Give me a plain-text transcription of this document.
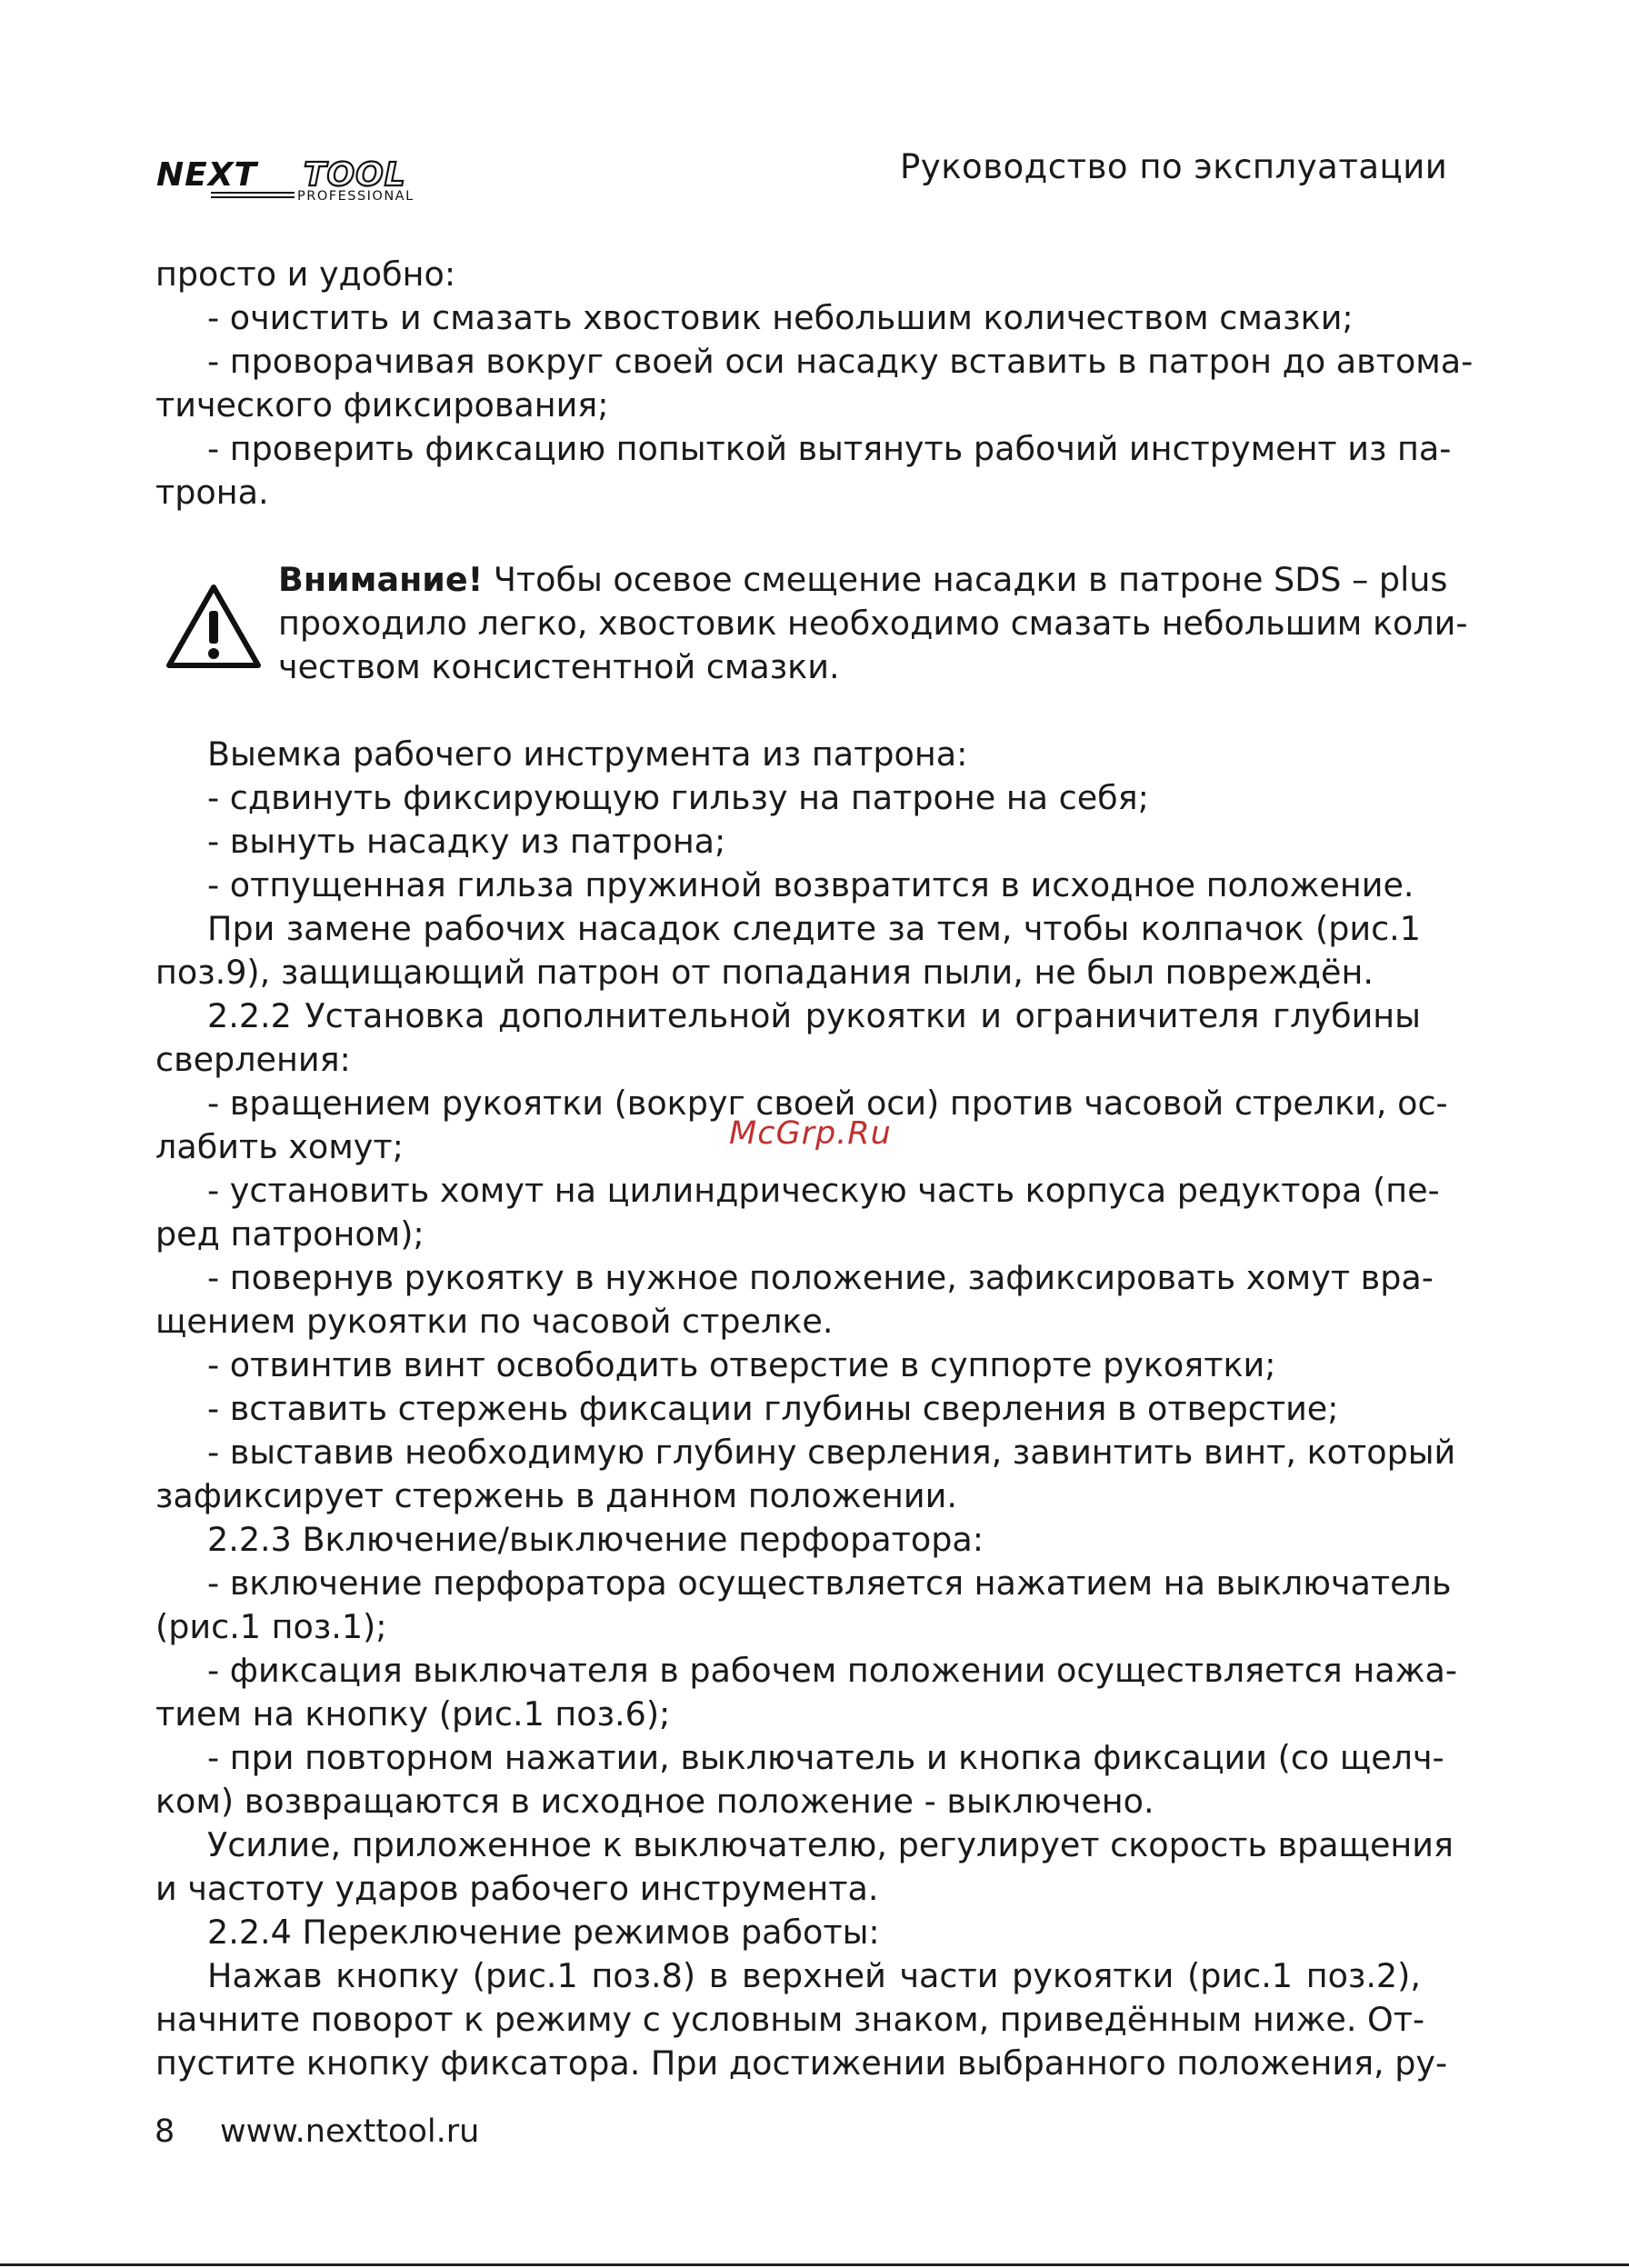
NEXT TOOL
PROFESSIONAL

Руководство по эксплуатации

просто и удобно:

- очистить и смазать хвостовик небольшим количеством смазки;

- проворачивая вокруг своей оси насадку вставить в патрон до автома-

тического фиксирования;

- проверить фиксацию попыткой вытянуть рабочий инструмент из па-

трона.

Внимание! Чтобы осевое смещение насадки в патроне SDS – plus

проходило легко, хвостовик необходимо смазать небольшим коли-

чеством консистентной смазки.

Выемка рабочего инструмента из патрона:

- сдвинуть фиксирующую гильзу на патроне на себя;

- вынуть насадку из патрона;

- отпущенная гильза пружиной возвратится в исходное положение.

При замене рабочих насадок следите за тем, чтобы колпачок (рис.1

поз.9), защищающий патрон от попадания пыли, не был повреждён.

2.2.2 Установка дополнительной рукоятки и ограничителя глубины

сверления:

- вращением рукоятки (вокруг своей оси) против часовой стрелки, ос-

лабить хомут;

- установить хомут на цилиндрическую часть корпуса редуктора (пе-

ред патроном);

- повернув рукоятку в нужное положение, зафиксировать хомут вра-

щением рукоятки по часовой стрелке.

- отвинтив винт освободить отверстие в суппорте рукоятки;

- вставить стержень фиксации глубины сверления в отверстие;

- выставив необходимую глубину сверления, завинтить винт, который

зафиксирует стержень в данном положении.

2.2.3 Включение/выключение перфоратора:

- включение перфоратора осуществляется нажатием на выключатель

(рис.1 поз.1);

- фиксация выключателя в рабочем положении осуществляется нажа-

тием на кнопку (рис.1 поз.6);

- при повторном нажатии, выключатель и кнопка фиксации (со щелч-

ком) возвращаются в исходное положение - выключено.

Усилие, приложенное к выключателю, регулирует скорость вращения

и частоту ударов рабочего инструмента.

2.2.4 Переключение режимов работы:

Нажав кнопку (рис.1 поз.8) в верхней части рукоятки (рис.1 поз.2),

начните поворот к режиму с условным знаком, приведённым ниже. От-

пустите кнопку фиксатора. При достижении выбранного положения, ру-

McGrp.Ru

8 www.nexttool.ru
